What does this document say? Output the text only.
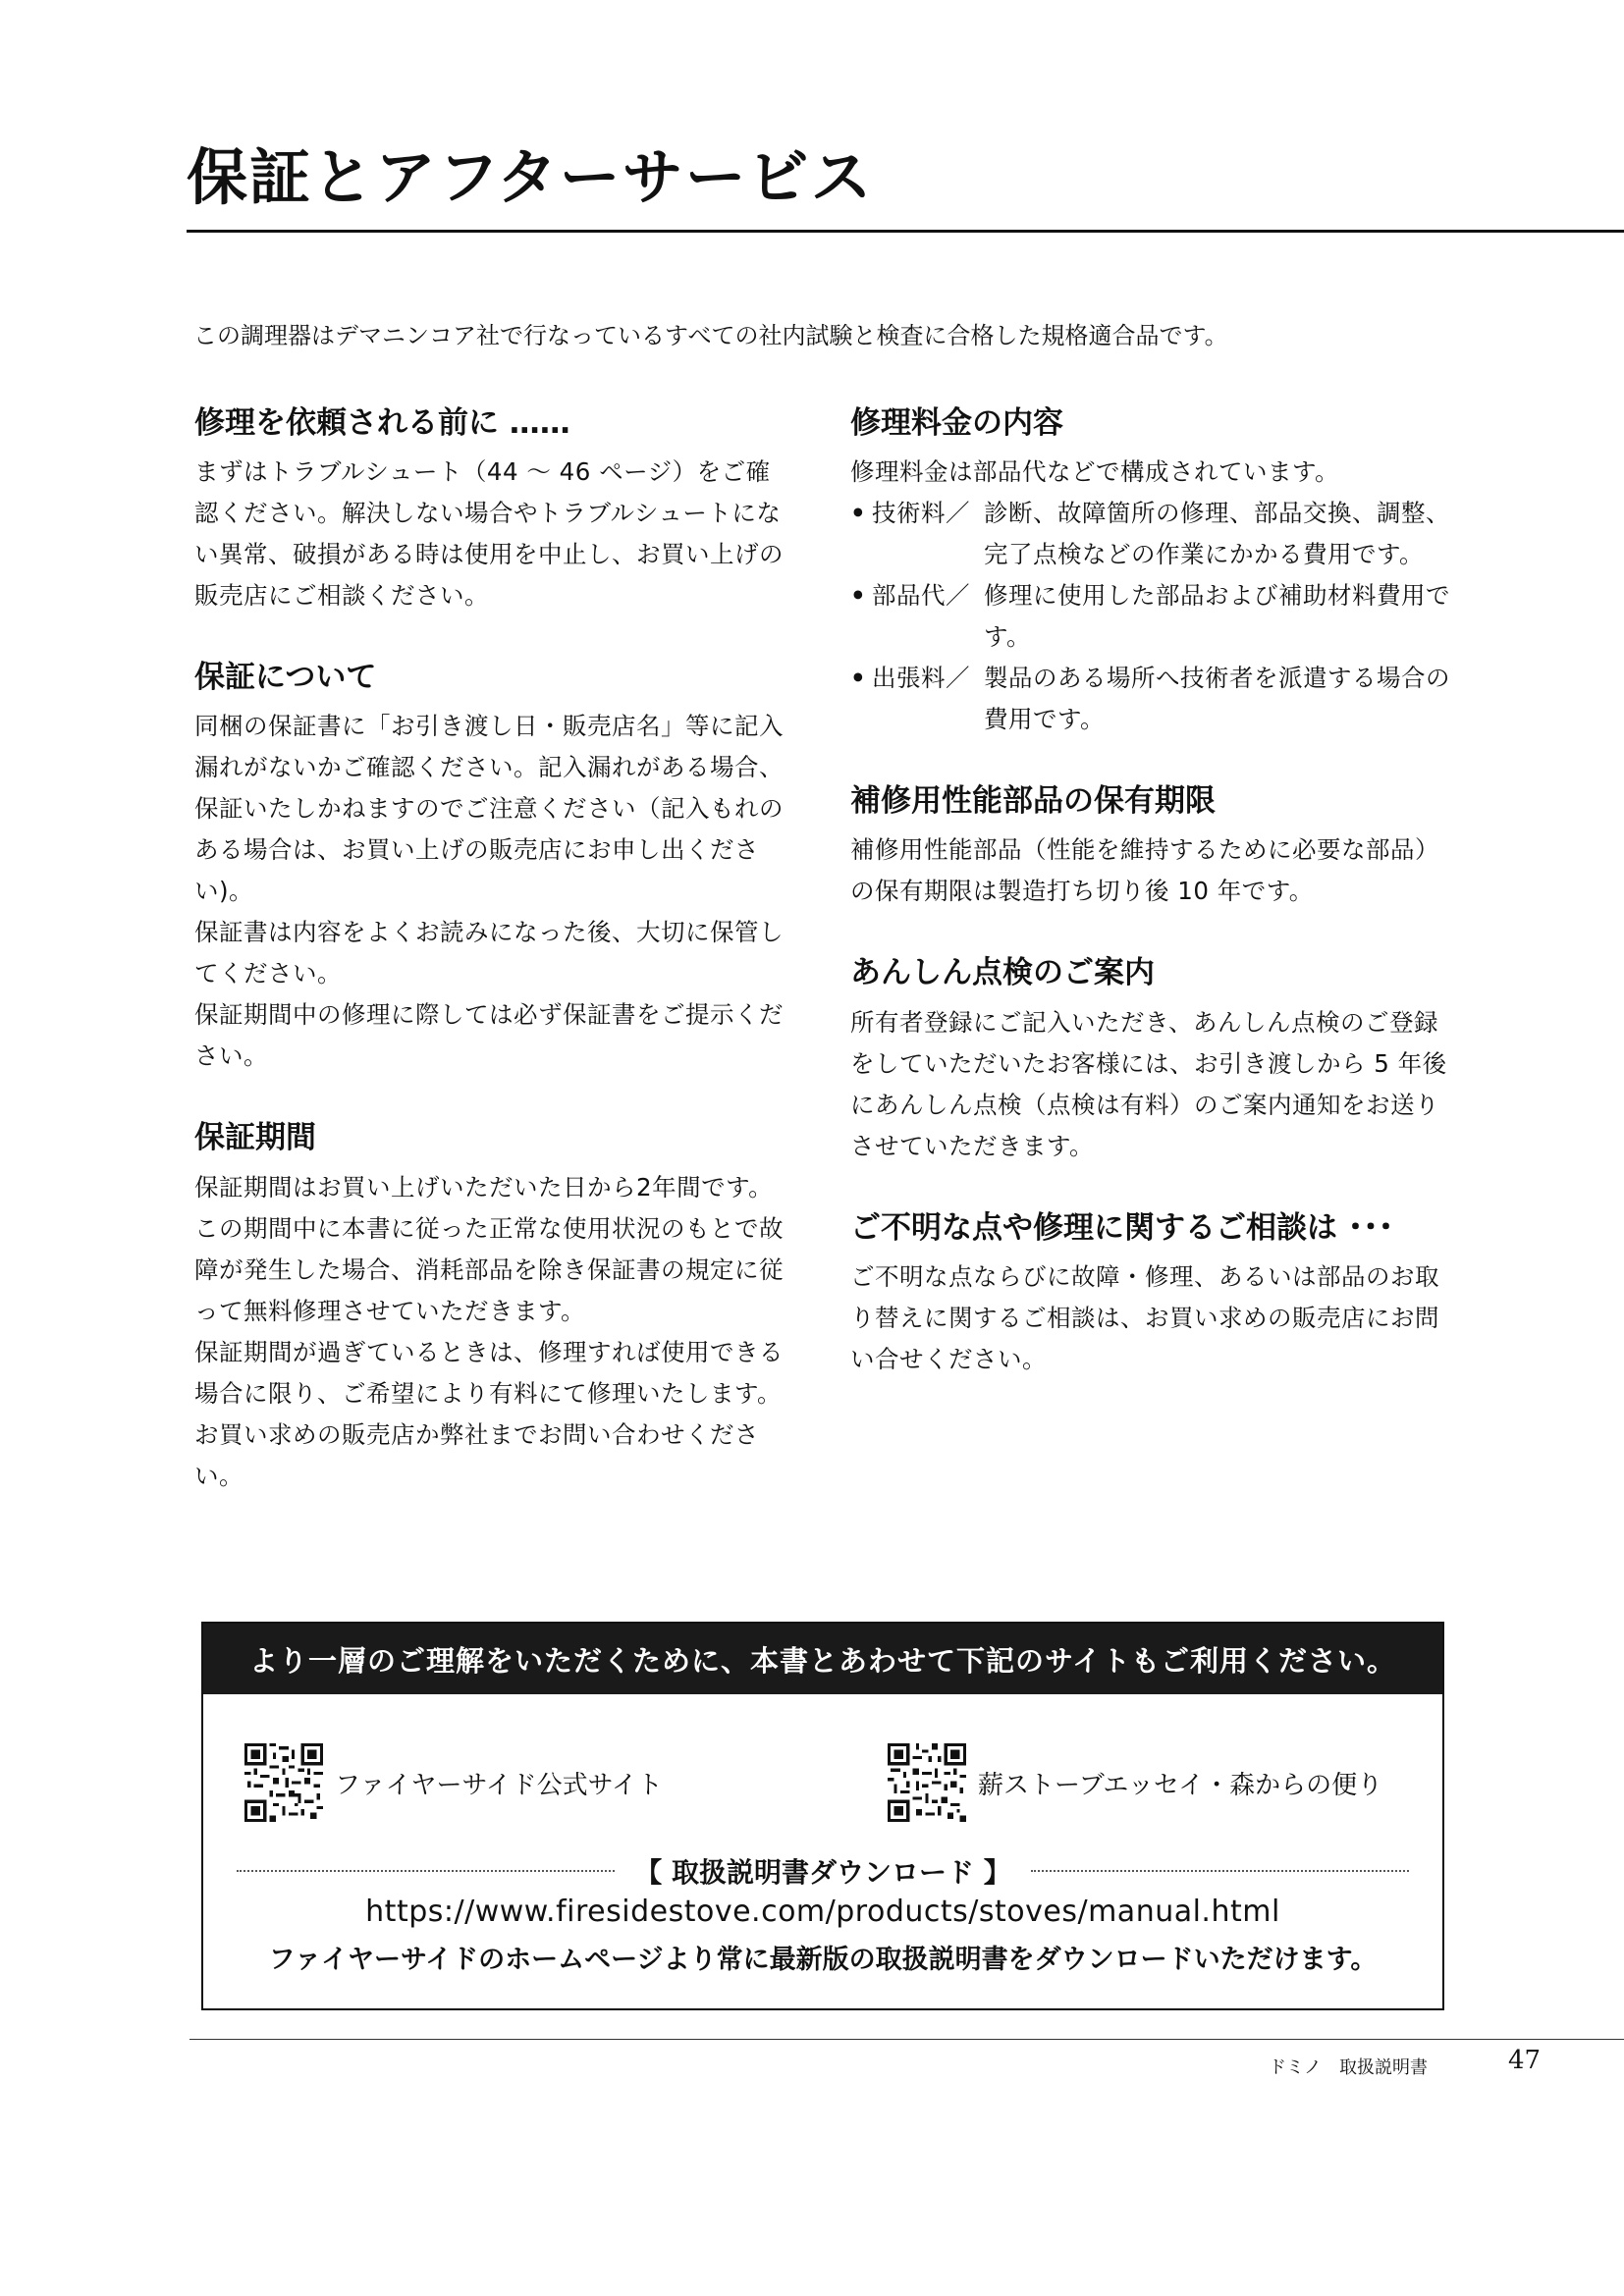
保証とアフターサービス

この調理器はデマニンコア社で行なっているすべての社内試験と検査に合格した規格適合品です。

修理を依頼される前に ……

まずはトラブルシュート（44 ～ 46 ページ）をご確認ください。解決しない場合やトラブルシュートにない異常、破損がある時は使用を中止し、お買い上げの販売店にご相談ください。

保証について

同梱の保証書に「お引き渡し日・販売店名」等に記入漏れがないかご確認ください。記入漏れがある場合、保証いたしかねますのでご注意ください（記入もれのある場合は、お買い上げの販売店にお申し出ください)。

保証書は内容をよくお読みになった後、大切に保管してください。

保証期間中の修理に際しては必ず保証書をご提示ください。

保証期間

保証期間はお買い上げいただいた日から2年間です。この期間中に本書に従った正常な使用状況のもとで故障が発生した場合、消耗部品を除き保証書の規定に従って無料修理させていただきます。

保証期間が過ぎているときは、修理すれば使用できる場合に限り、ご希望により有料にて修理いたします。お買い求めの販売店か弊社までお問い合わせください。

修理料金の内容

修理料金は部品代などで構成されています。

• 技術料／ 診断、故障箇所の修理、部品交換、調整、完了点検などの作業にかかる費用です。
• 部品代／ 修理に使用した部品および補助材料費用です。
• 出張料／ 製品のある場所へ技術者を派遣する場合の費用です。
補修用性能部品の保有期限

補修用性能部品（性能を維持するために必要な部品）の保有期限は製造打ち切り後 10 年です。

あんしん点検のご案内

所有者登録にご記入いただき、あんしん点検のご登録をしていただいたお客様には、お引き渡しから 5 年後にあんしん点検（点検は有料）のご案内通知をお送りさせていただきます。

ご不明な点や修理に関するご相談は ･･･

ご不明な点ならびに故障・修理、あるいは部品のお取り替えに関するご相談は、お買い求めの販売店にお問い合せください。

より一層のご理解をいただくために、本書とあわせて下記のサイトもご利用ください。
ファイヤーサイド公式サイト	薪ストーブエッセイ・森からの便り
【 取扱説明書ダウンロード 】
https://www.firesidestove.com/products/stoves/manual.html
ファイヤーサイドのホームページより常に最新版の取扱説明書をダウンロードいただけます。
ドミノ　取扱説明書	47
